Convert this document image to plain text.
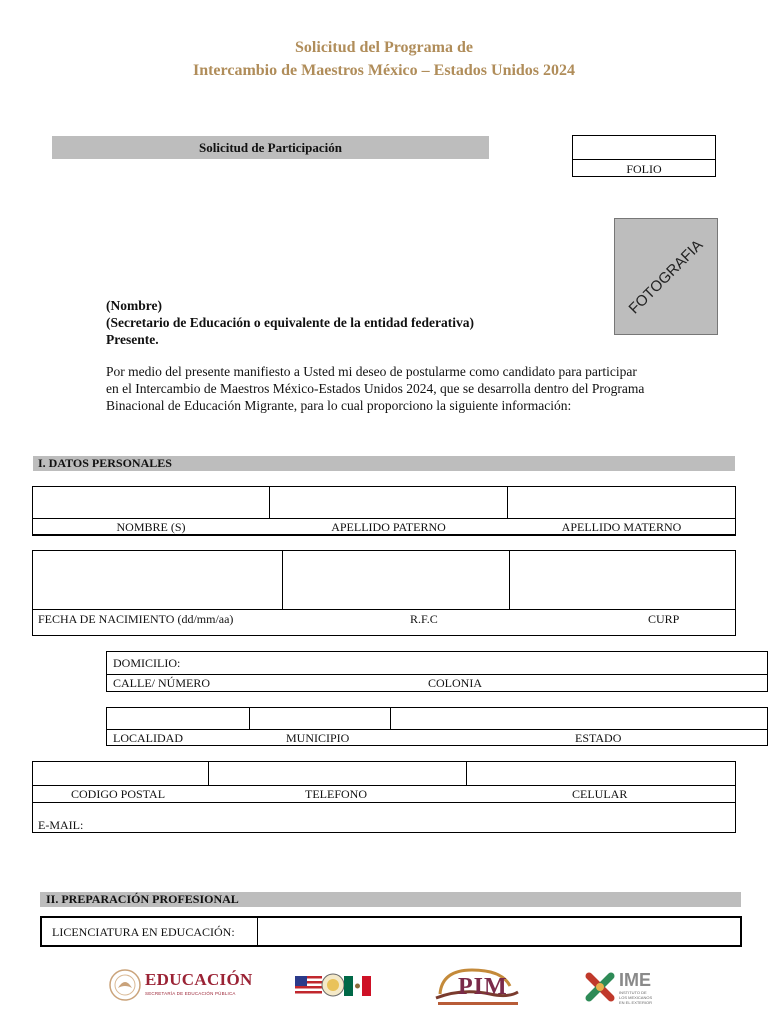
Solicitud del Programa de
Intercambio de Maestros México – Estados Unidos 2024
Solicitud de Participación
FOLIO
FOTOGRAFIA
(Nombre)
(Secretario de Educación o equivalente de la entidad federativa)
Presente.
Por medio del presente manifiesto a Usted mi deseo de postularme como candidato para participar
en el Intercambio de Maestros México-Estados Unidos 2024, que se desarrolla dentro del Programa
Binacional de Educación Migrante, para lo cual proporciono la siguiente información:
I. DATOS PERSONALES
NOMBRE (S)	APELLIDO PATERNO	APELLIDO MATERNO
FECHA DE NACIMIENTO (dd/mm/aa)	R.F.C	CURP
DOMICILIO:
CALLE/ NÚMERO	COLONIA
LOCALIDAD	MUNICIPIO	ESTADO
CODIGO POSTAL	TELEFONO	CELULAR
E-MAIL:
II. PREPARACIÓN PROFESIONAL
LICENCIATURA EN EDUCACIÓN:
EDUCACIÓN
SECRETARÍA DE EDUCACIÓN PÚBLICA	PIM	IME
INSTITUTO DE
LOS MEXICANOS
EN EL EXTERIOR
